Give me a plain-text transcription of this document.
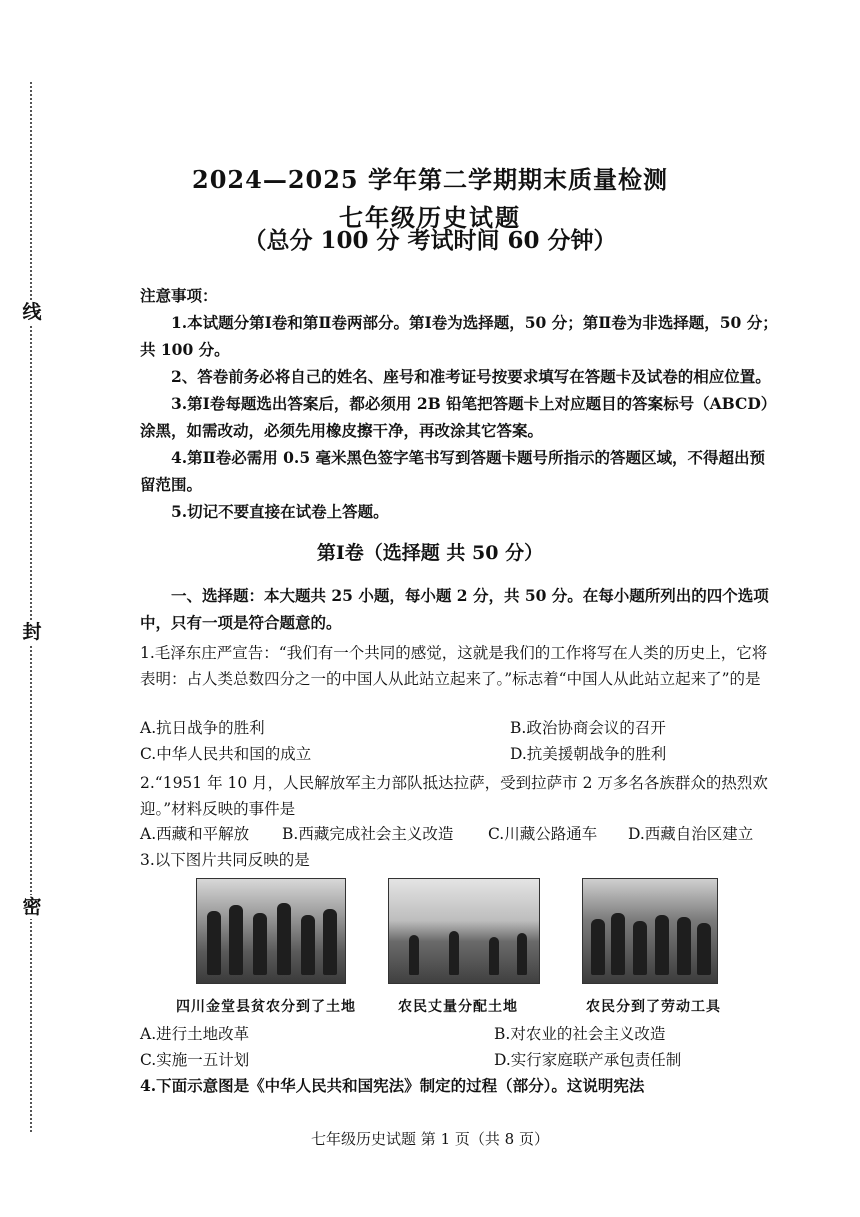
线
封
密
2024—2025 学年第二学期期末质量检测
七年级历史试题
（总分 100 分 考试时间 60 分钟）
注意事项：
1.本试题分第Ⅰ卷和第Ⅱ卷两部分。第Ⅰ卷为选择题，50 分；第Ⅱ卷为非选择题，50 分；共 100 分。
2、答卷前务必将自己的姓名、座号和准考证号按要求填写在答题卡及试卷的相应位置。
3.第Ⅰ卷每题选出答案后，都必须用 2B 铅笔把答题卡上对应题目的答案标号（ABCD）涂黑，如需改动，必须先用橡皮擦干净，再改涂其它答案。
4.第Ⅱ卷必需用 0.5 毫米黑色签字笔书写到答题卡题号所指示的答题区域，不得超出预留范围。
5.切记不要直接在试卷上答题。
第Ⅰ卷（选择题 共 50 分）
一、选择题：本大题共 25 小题，每小题 2 分，共 50 分。在每小题所列出的四个选项中，只有一项是符合题意的。
1.毛泽东庄严宣告：“我们有一个共同的感觉，这就是我们的工作将写在人类的历史上，它将表明：占人类总数四分之一的中国人从此站立起来了。”标志着“中国人从此站立起来了”的是
A.抗日战争的胜利	B.政治协商会议的召开
C.中华人民共和国的成立	D.抗美援朝战争的胜利
2.“1951 年 10 月，人民解放军主力部队抵达拉萨，受到拉萨市 2 万多名各族群众的热烈欢迎。”材料反映的事件是
A.西藏和平解放 B.西藏完成社会主义改造 C.川藏公路通车 D.西藏自治区建立
3.以下图片共同反映的是
四川金堂县贫农分到了土地	农民丈量分配土地	农民分到了劳动工具
A.进行土地改革	B.对农业的社会主义改造
C.实施一五计划	D.实行家庭联产承包责任制
4.下面示意图是《中华人民共和国宪法》制定的过程（部分）。这说明宪法
七年级历史试题 第 1 页（共 8 页）
